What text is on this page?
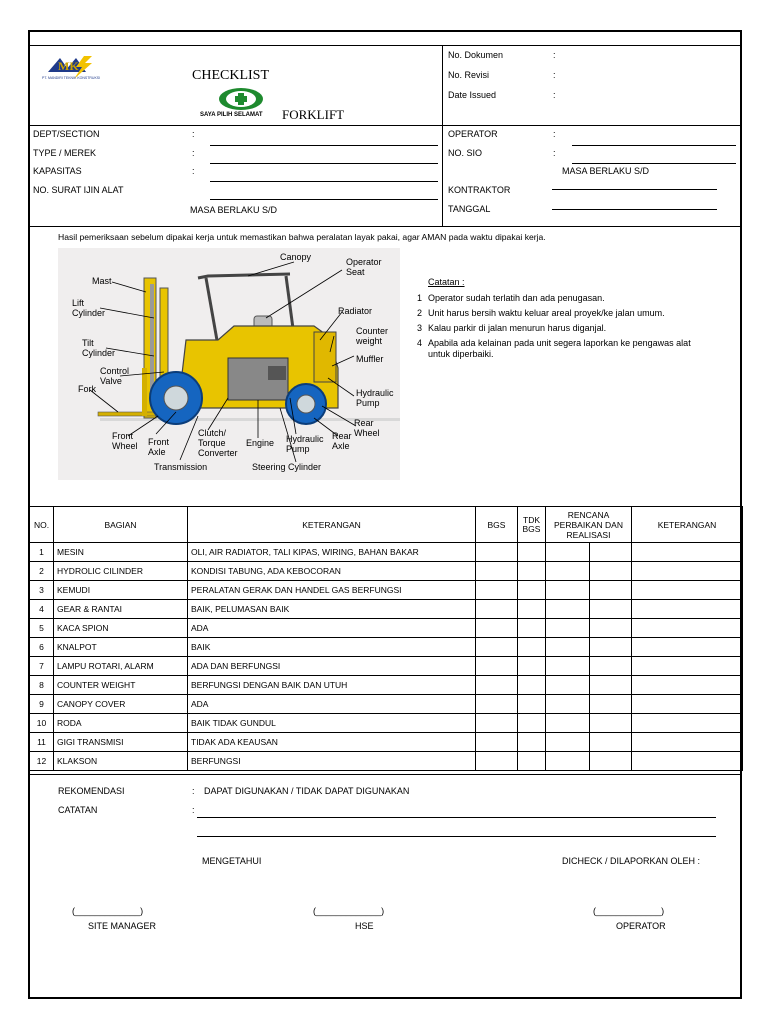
MK
PT. MANDIRI TEKNIK KONSTRUKSI	CHECKLIST
FORKLIFT
SAYA PILIH SELAMAT
No. Dokumen	:
No. Revisi	:
Date Issued	:
DEPT/SECTION	:
TYPE / MEREK	:
KAPASITAS	:
NO. SURAT IJIN ALAT
MASA BERLAKU S/D
OPERATOR	:
NO. SIO	:
MASA BERLAKU S/D
KONTRAKTOR
TANGGAL
Hasil pemeriksaan sebelum dipakai kerja untuk memastikan bahwa peralatan layak pakai, agar AMAN pada waktu dipakai kerja.
Canopy	Operator
Seat
Mast
Lift
Cylinder	Radiator
Counter
weight
Muffler
Tilt
Cylinder
Control
Valve
Fork	Hydraulic
Pump
Rear
Wheel
Front
Wheel Front
Axle
Clutch/
Torque
Converter
Engine Hydraulic
Pump
Rear
Axle
Transmission	Steering Cylinder
Catatan :
1 Operator sudah terlatih dan ada penugasan.
2 Unit harus bersih waktu keluar areal proyek/ke jalan umum.
3 Kalau parkir di jalan menurun harus diganjal.
4 Apabila ada kelainan pada unit segera laporkan ke pengawas alat
untuk diperbaiki.
NO.	BAGIAN	KETERANGAN	BGS	TDK
BGS	RENCANA
PERBAIKAN DAN
REALISASI		KETERANGAN
1	MESIN	OLI, AIR RADIATOR, TALI KIPAS, WIRING, BAHAN BAKAR					
2	HYDROLIC CILINDER	KONDISI TABUNG, ADA KEBOCORAN					
3	KEMUDI	PERALATAN GERAK DAN HANDEL GAS BERFUNGSI					
4	GEAR & RANTAI	BAIK, PELUMASAN BAIK					
5	KACA SPION	ADA					
6	KNALPOT	BAIK					
7	LAMPU ROTARI, ALARM	ADA DAN BERFUNGSI					
8	COUNTER WEIGHT	BERFUNGSI DENGAN BAIK DAN UTUH					
9	CANOPY COVER	ADA					
10	RODA	BAIK TIDAK GUNDUL					
11	GIGI TRANSMISI	TIDAK ADA KEAUSAN					
12	KLAKSON	BERFUNGSI					
REKOMENDASI	: DAPAT DIGUNAKAN / TIDAK DAPAT DIGUNAKAN
CATATAN	:
MENGETAHUI	DICHECK / DILAPORKAN OLEH :
(_____________)	(_____________)	(_____________)
SITE MANAGER	HSE	OPERATOR
